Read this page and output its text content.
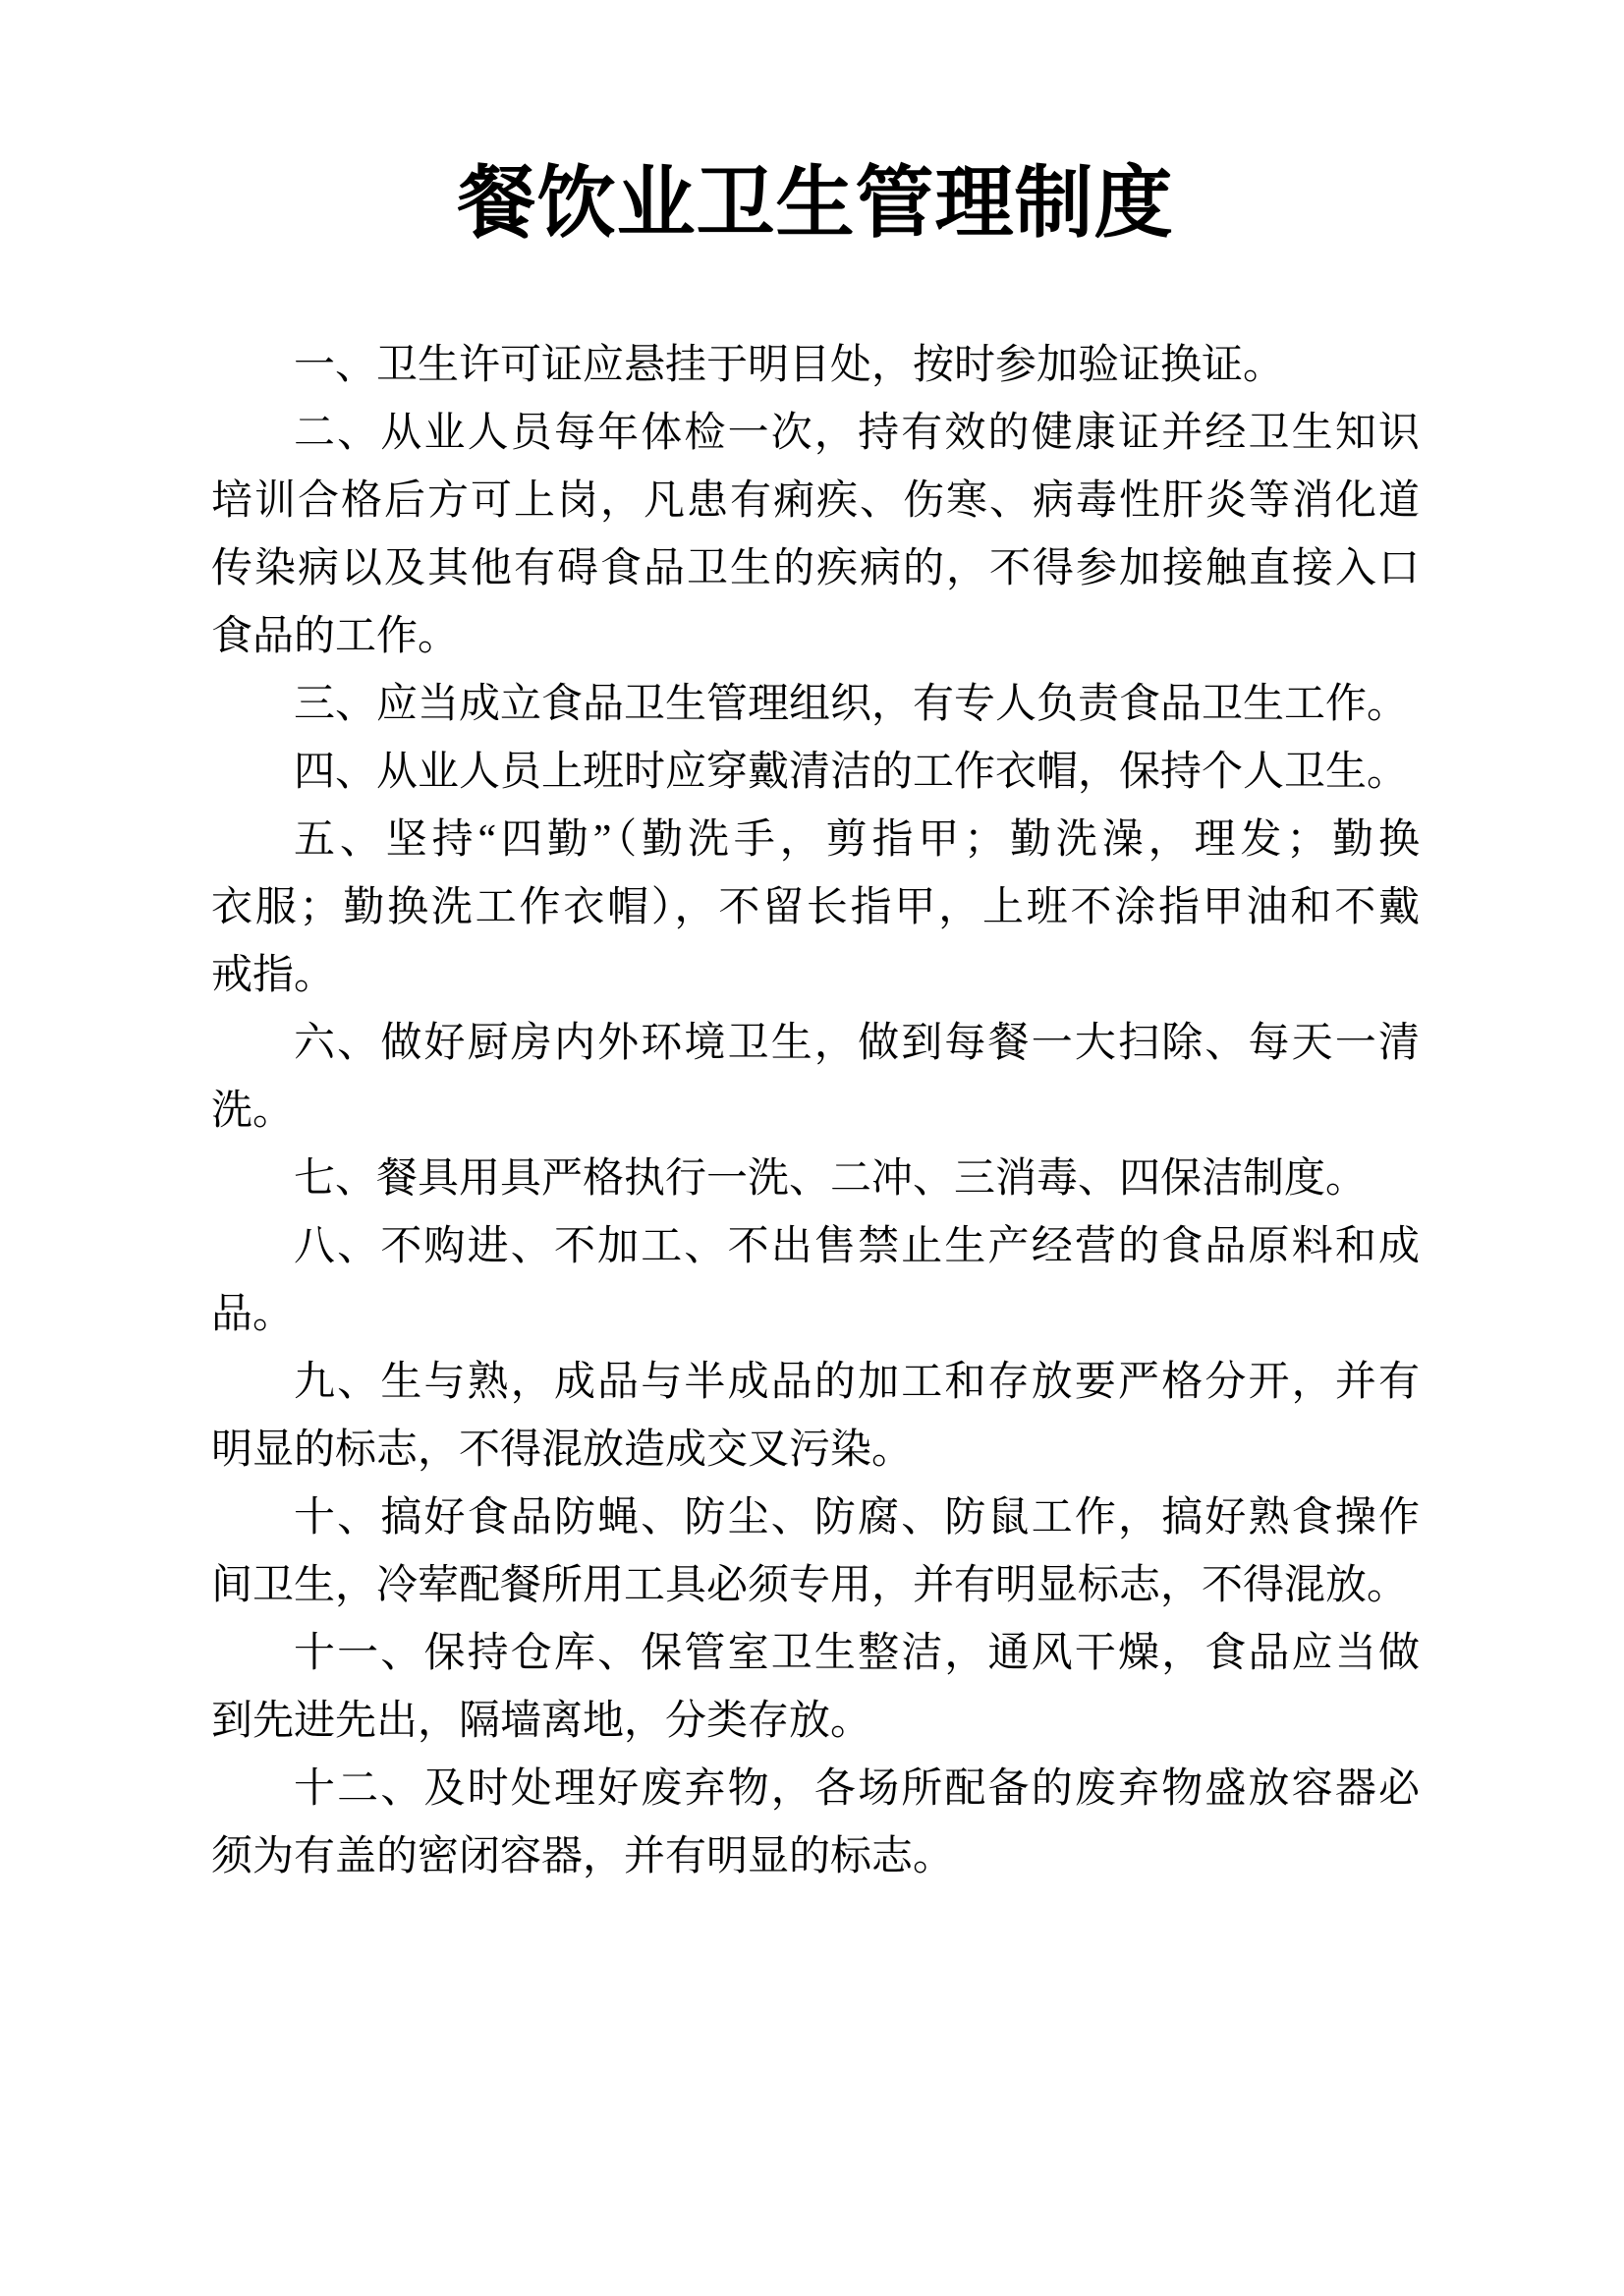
餐饮业卫生管理制度
一、卫生许可证应悬挂于明目处，按时参加验证换证。
二、从业人员每年体检一次，持有效的健康证并经卫生知识
培训合格后方可上岗，凡患有痢疾、伤寒、病毒性肝炎等消化道
传染病以及其他有碍食品卫生的疾病的，不得参加接触直接入口
食品的工作。
三、应当成立食品卫生管理组织，有专人负责食品卫生工作。
四、从业人员上班时应穿戴清洁的工作衣帽，保持个人卫生。
五、坚持“四勤”（勤洗手，剪指甲；勤洗澡，理发；勤换
衣服；勤换洗工作衣帽），不留长指甲，上班不涂指甲油和不戴
戒指。
六、做好厨房内外环境卫生，做到每餐一大扫除、每天一清
洗。
七、餐具用具严格执行一洗、二冲、三消毒、四保洁制度。
八、不购进、不加工、不出售禁止生产经营的食品原料和成
品。
九、生与熟，成品与半成品的加工和存放要严格分开，并有
明显的标志，不得混放造成交叉污染。
十、搞好食品防蝇、防尘、防腐、防鼠工作，搞好熟食操作
间卫生，冷荤配餐所用工具必须专用，并有明显标志，不得混放。
十一、保持仓库、保管室卫生整洁，通风干燥，食品应当做
到先进先出，隔墙离地，分类存放。
十二、及时处理好废弃物，各场所配备的废弃物盛放容器必
须为有盖的密闭容器，并有明显的标志。
